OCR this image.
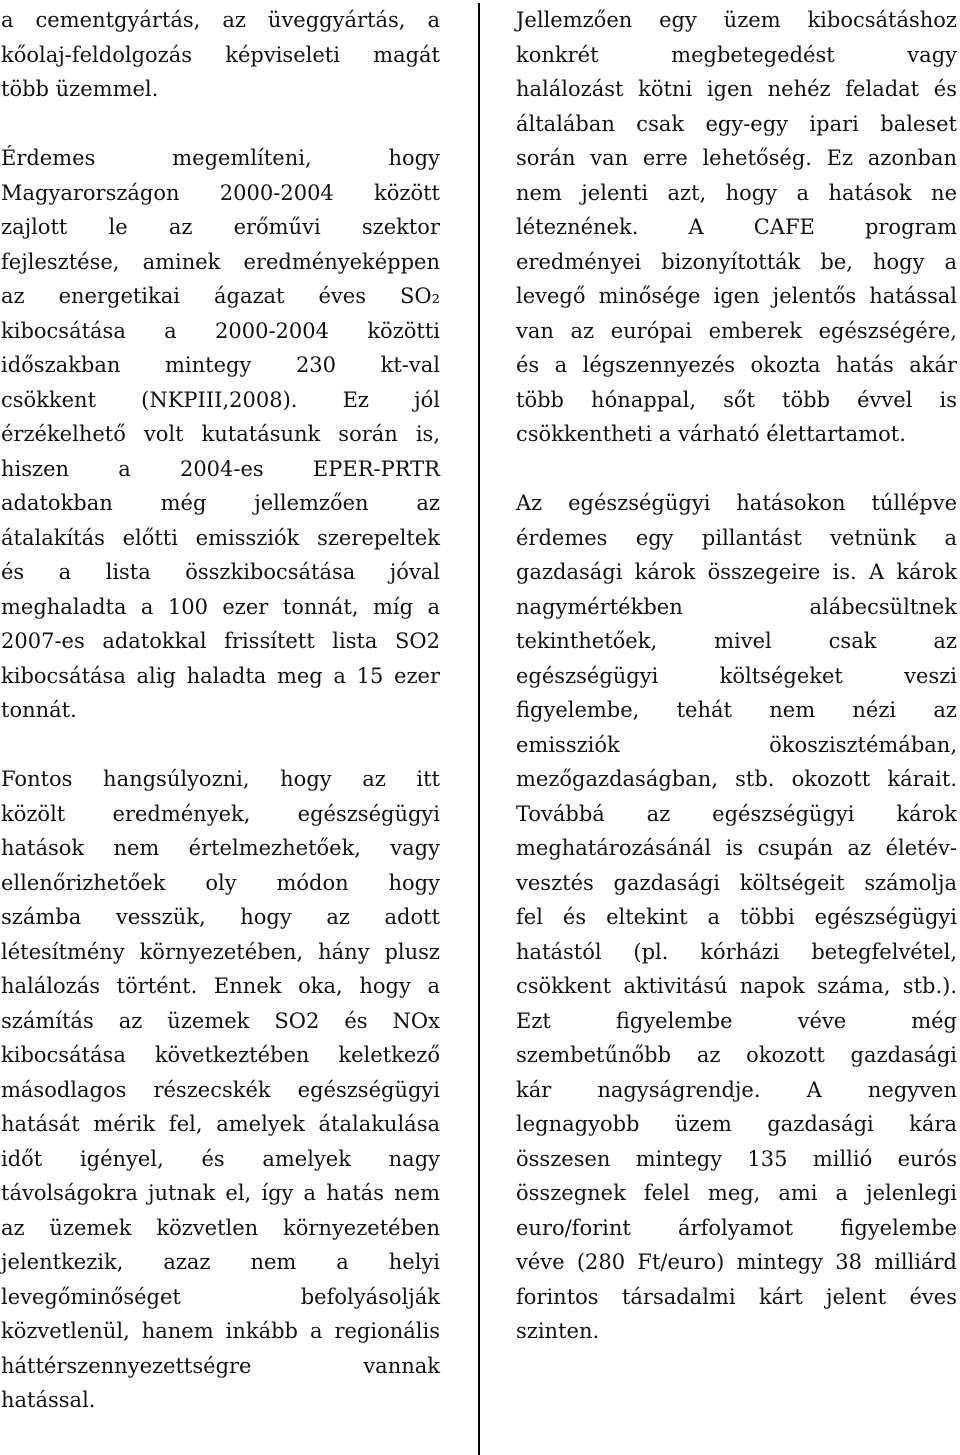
a cementgyártás, az üveggyártás, a
kőolaj-feldolgozás képviseleti magát
több üzemmel.
Érdemes megemlíteni, hogy
Magyarországon 2000-2004 között
zajlott le az erőművi szektor
fejlesztése, aminek eredményeképpen
az energetikai ágazat éves SO₂
kibocsátása a 2000-2004 közötti
időszakban mintegy 230 kt-val
csökkent (NKPIII,2008). Ez jól
érzékelhető volt kutatásunk során is,
hiszen a 2004-es EPER-PRTR
adatokban még jellemzően az
átalakítás előtti emissziók szerepeltek
és a lista összkibocsátása jóval
meghaladta a 100 ezer tonnát, míg a
2007-es adatokkal frissített lista SO2
kibocsátása alig haladta meg a 15 ezer
tonnát.
Fontos hangsúlyozni, hogy az itt
közölt eredmények, egészségügyi
hatások nem értelmezhetőek, vagy
ellenőrizhetőek oly módon hogy
számba vesszük, hogy az adott
létesítmény környezetében, hány plusz
halálozás történt. Ennek oka, hogy a
számítás az üzemek SO2 és NOx
kibocsátása következtében keletkező
másodlagos részecskék egészségügyi
hatását mérik fel, amelyek átalakulása
időt igényel, és amelyek nagy
távolságokra jutnak el, így a hatás nem
az üzemek közvetlen környezetében
jelentkezik, azaz nem a helyi
levegőminőséget befolyásolják
közvetlenül, hanem inkább a regionális
háttérszennyezettségre vannak
hatással.
Jellemzően egy üzem kibocsátáshoz
konkrét megbetegedést vagy
halálozást kötni igen nehéz feladat és
általában csak egy-egy ipari baleset
során van erre lehetőség. Ez azonban
nem jelenti azt, hogy a hatások ne
léteznének. A CAFE program
eredményei bizonyították be, hogy a
levegő minősége igen jelentős hatással
van az európai emberek egészségére,
és a légszennyezés okozta hatás akár
több hónappal, sőt több évvel is
csökkentheti a várható élettartamot.
Az egészségügyi hatásokon túllépve
érdemes egy pillantást vetnünk a
gazdasági károk összegeire is. A károk
nagymértékben alábecsültnek
tekinthetőek, mivel csak az
egészségügyi költségeket veszi
figyelembe, tehát nem nézi az
emissziók ökoszisztémában,
mezőgazdaságban, stb. okozott kárait.
Továbbá az egészségügyi károk
meghatározásánál is csupán az életév-
vesztés gazdasági költségeit számolja
fel és eltekint a többi egészségügyi
hatástól (pl. kórházi betegfelvétel,
csökkent aktivitású napok száma, stb.).
Ezt figyelembe véve még
szembetűnőbb az okozott gazdasági
kár nagyságrendje. A negyven
legnagyobb üzem gazdasági kára
összesen mintegy 135 millió eurós
összegnek felel meg, ami a jelenlegi
euro/forint árfolyamot figyelembe
véve (280 Ft/euro) mintegy 38 milliárd
forintos társadalmi kárt jelent éves
szinten.
